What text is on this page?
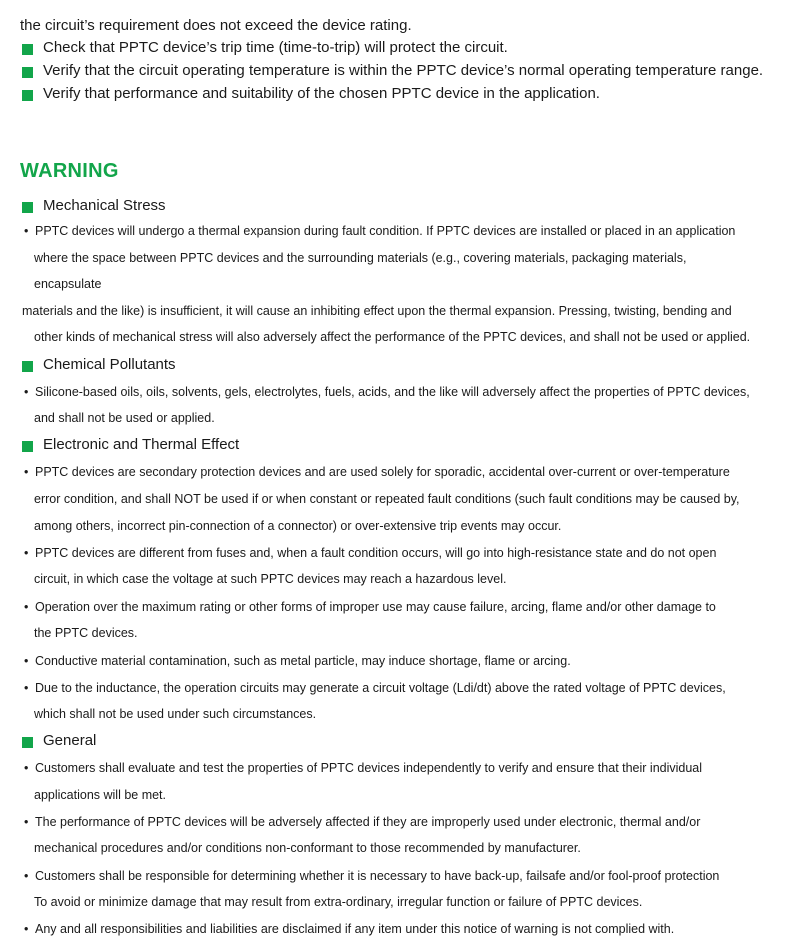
the circuit’s requirement does not exceed the device rating.
Check that PPTC device’s trip time (time-to-trip) will protect the circuit.
Verify that the circuit operating temperature is within the PPTC device’s normal operating temperature range.
Verify that performance and suitability of the chosen PPTC device in the application.
WARNING
Mechanical Stress
• PPTC devices will undergo a thermal expansion during fault condition. If PPTC devices are installed or placed in an application
where the space between PPTC devices and the surrounding materials (e.g., covering materials, packaging materials,
encapsulate
materials and the like) is insufficient, it will cause an inhibiting effect upon the thermal expansion. Pressing, twisting, bending and
other kinds of mechanical stress will also adversely affect the performance of the PPTC devices, and shall not be used or applied.
Chemical Pollutants
• Silicone-based oils, oils, solvents, gels, electrolytes, fuels, acids, and the like will adversely affect the properties of PPTC devices,
and shall not be used or applied.
Electronic and Thermal Effect
• PPTC devices are secondary protection devices and are used solely for sporadic, accidental over-current or over-temperature
error condition, and shall NOT be used if or when constant or repeated fault conditions (such fault conditions may be caused by,
among others, incorrect pin-connection of a connector) or over-extensive trip events may occur.
• PPTC devices are different from fuses and, when a fault condition occurs, will go into high-resistance state and do not open
circuit, in which case the voltage at such PPTC devices may reach a hazardous level.
• Operation over the maximum rating or other forms of improper use may cause failure, arcing, flame and/or other damage to
the PPTC devices.
• Conductive material contamination, such as metal particle, may induce shortage, flame or arcing.
• Due to the inductance, the operation circuits may generate a circuit voltage (Ldi/dt) above the rated voltage of PPTC devices,
which shall not be used under such circumstances.
General
• Customers shall evaluate and test the properties of PPTC devices independently to verify and ensure that their individual
applications will be met.
• The performance of PPTC devices will be adversely affected if they are improperly used under electronic, thermal and/or
mechanical procedures and/or conditions non-conformant to those recommended by manufacturer.
• Customers shall be responsible for determining whether it is necessary to have back-up, failsafe and/or fool-proof protection
To avoid or minimize damage that may result from extra-ordinary, irregular function or failure of PPTC devices.
• Any and all responsibilities and liabilities are disclaimed if any item under this notice of warning is not complied with.
